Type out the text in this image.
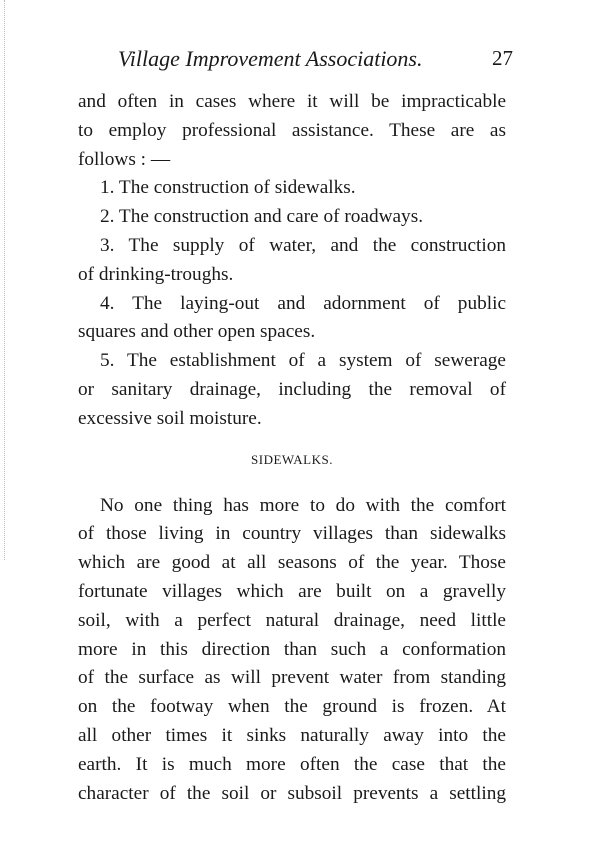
Village Improvement Associations.	27
and often in cases where it will be impracticable
to employ professional assistance. These are as
follows : —
1. The construction of sidewalks.
2. The construction and care of roadways.
3. The supply of water, and the construction
of drinking-troughs.
4. The laying-out and adornment of public
squares and other open spaces.
5. The establishment of a system of sewerage
or sanitary drainage, including the removal of
excessive soil moisture.
SIDEWALKS.
No one thing has more to do with the comfort
of those living in country villages than sidewalks
which are good at all seasons of the year. Those
fortunate villages which are built on a gravelly
soil, with a perfect natural drainage, need little
more in this direction than such a conformation
of the surface as will prevent water from standing
on the footway when the ground is frozen. At
all other times it sinks naturally away into the
earth. It is much more often the case that the
character of the soil or subsoil prevents a settling
